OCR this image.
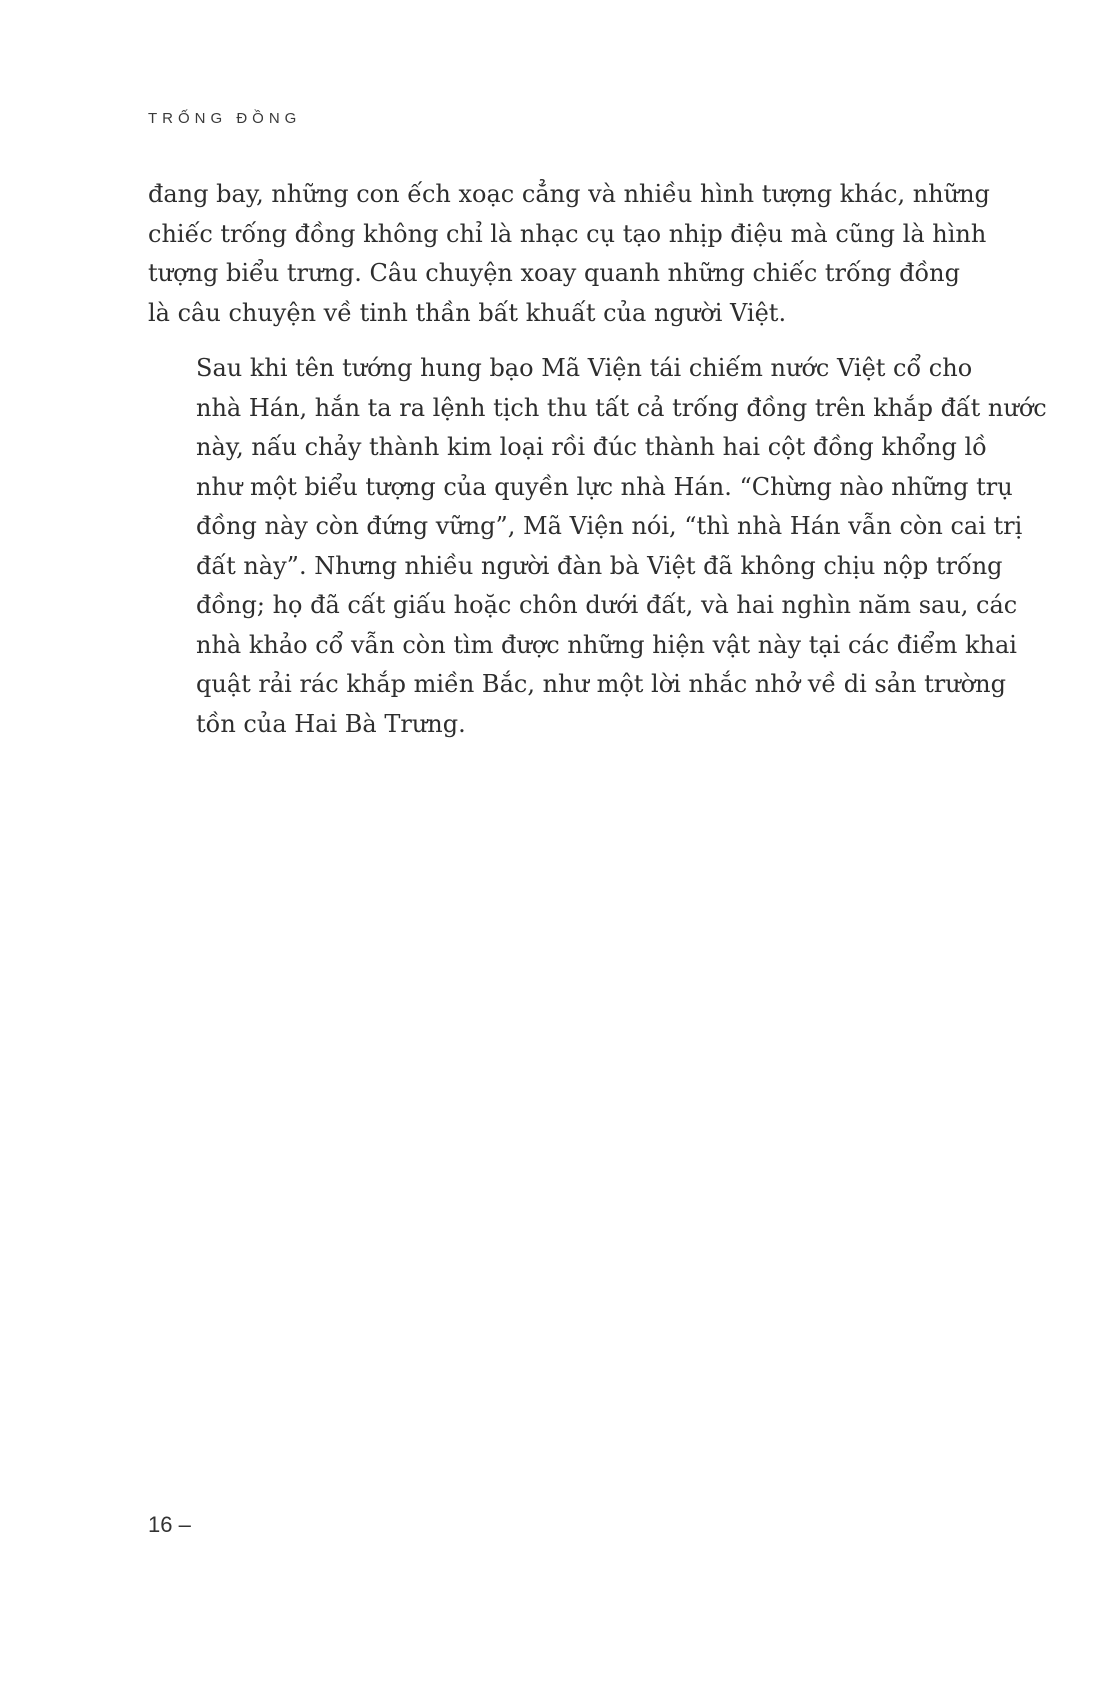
TRỐNG ĐỒNG

đang bay, những con ếch xoạc cẳng và nhiều hình tượng khác, những
chiếc trống đồng không chỉ là nhạc cụ tạo nhịp điệu mà cũng là hình
tượng biểu trưng. Câu chuyện xoay quanh những chiếc trống đồng
là câu chuyện về tinh thần bất khuất của người Việt.

Sau khi tên tướng hung bạo Mã Viện tái chiếm nước Việt cổ cho
nhà Hán, hắn ta ra lệnh tịch thu tất cả trống đồng trên khắp đất nước
này, nấu chảy thành kim loại rồi đúc thành hai cột đồng khổng lồ
như một biểu tượng của quyền lực nhà Hán. “Chừng nào những trụ
đồng này còn đứng vững”, Mã Viện nói, “thì nhà Hán vẫn còn cai trị
đất này”. Nhưng nhiều người đàn bà Việt đã không chịu nộp trống
đồng; họ đã cất giấu hoặc chôn dưới đất, và hai nghìn năm sau, các
nhà khảo cổ vẫn còn tìm được những hiện vật này tại các điểm khai
quật rải rác khắp miền Bắc, như một lời nhắc nhở về di sản trường
tồn của Hai Bà Trưng.

16 –
